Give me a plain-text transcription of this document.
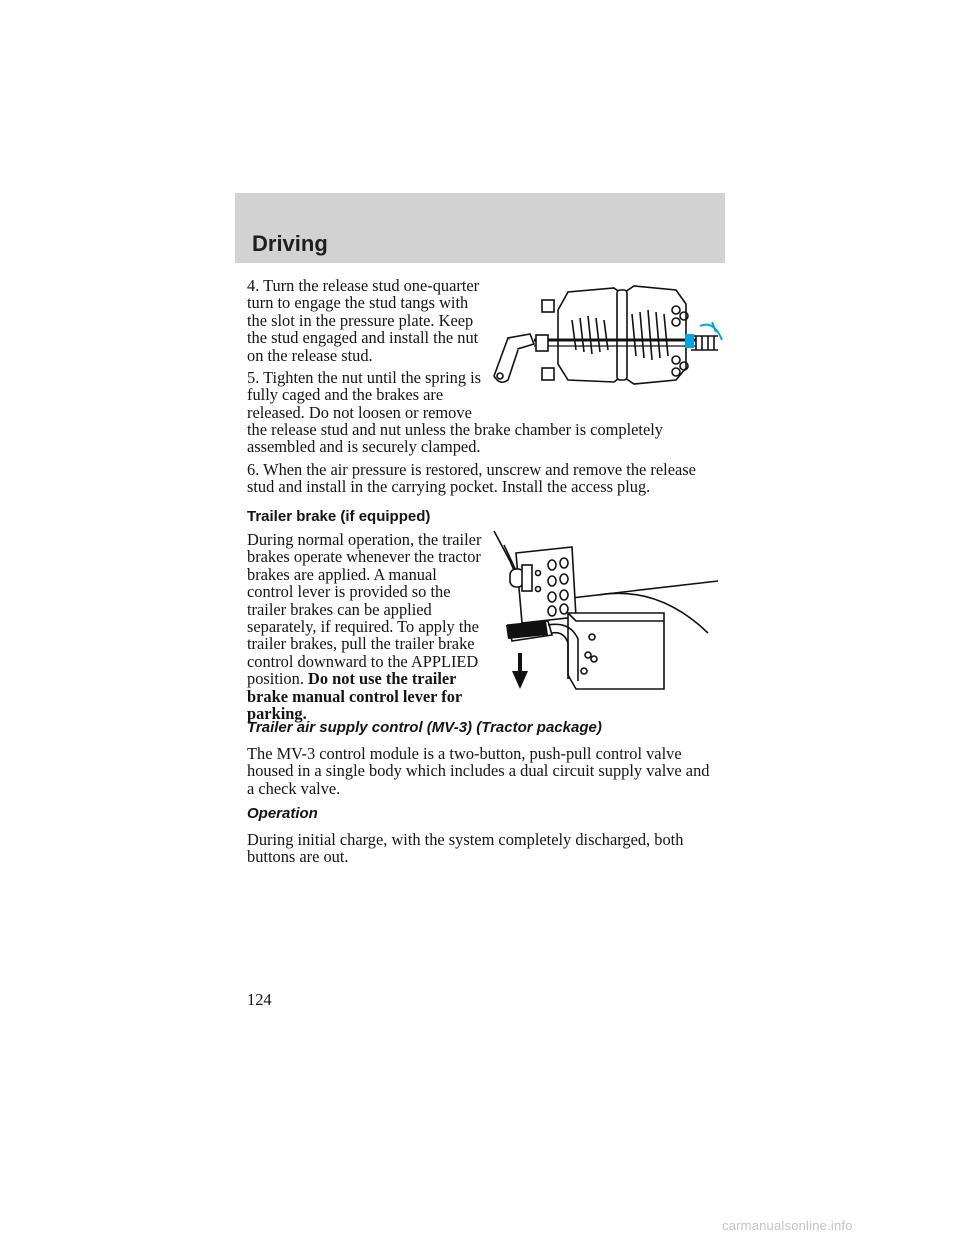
Driving

4. Turn the release stud one-quarter turn to engage the stud tangs with the slot in the pressure plate. Keep the stud engaged and install the nut on the release stud.

5. Tighten the nut until the spring is
fully caged and the brakes are
released. Do not loosen or remove

the release stud and nut unless the brake chamber is completely assembled and is securely clamped.

6. When the air pressure is restored, unscrew and remove the release stud and install in the carrying pocket. Install the access plug.

Trailer brake (if equipped)

During normal operation, the trailer brakes operate whenever the tractor brakes are applied. A manual control lever is provided so the trailer brakes can be applied separately, if required. To apply the trailer brakes, pull the trailer brake control downward to the APPLIED position. Do not use the trailer brake manual control lever for parking.

Trailer air supply control (MV-3) (Tractor package)

The MV-3 control module is a two-button, push-pull control valve housed in a single body which includes a dual circuit supply valve and a check valve.

Operation

During initial charge, with the system completely discharged, both buttons are out.

124
carmanualsonline.info
